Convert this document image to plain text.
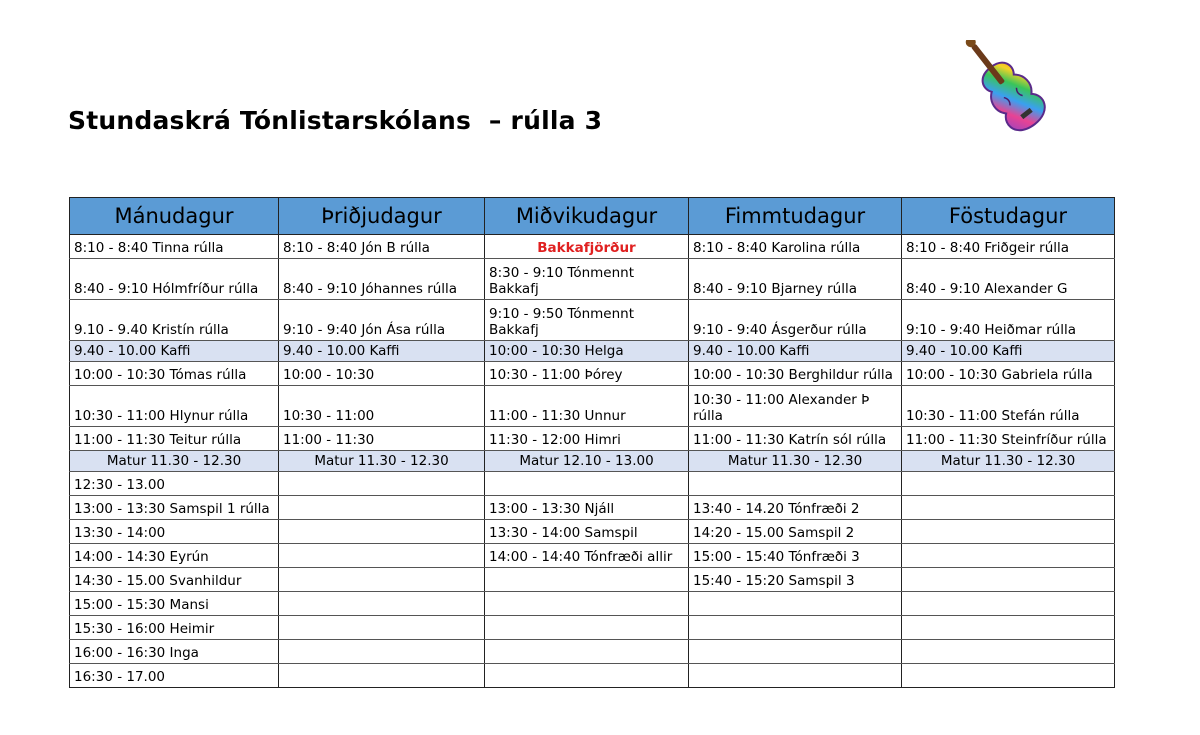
Stundaskrá Tónlistarskólans  – rúlla 3
Mánudagur	Þriðjudagur	Miðvikudagur	Fimmtudagur	Föstudagur
8:10 - 8:40 Tinna rúlla	8:10 - 8:40 Jón B rúlla	Bakkafjörður	8:10 - 8:40 Karolina rúlla	8:10 - 8:40 Friðgeir rúlla
8:40 - 9:10 Hólmfríður rúlla	8:40 - 9:10 Jóhannes rúlla	8:30 - 9:10 Tónmennt Bakkafj	8:40 - 9:10 Bjarney rúlla	8:40 - 9:10 Alexander G
9.10 - 9.40 Kristín rúlla	9:10 - 9:40 Jón Ása rúlla	9:10 - 9:50 Tónmennt Bakkafj	9:10 - 9:40 Ásgerður rúlla	9:10 - 9:40 Heiðmar rúlla
9.40 - 10.00 Kaffi	9.40 - 10.00 Kaffi	10:00 - 10:30 Helga	9.40 - 10.00 Kaffi	9.40 - 10.00 Kaffi
10:00 - 10:30 Tómas rúlla	10:00 - 10:30	10:30 - 11:00 Þórey	10:00 - 10:30 Berghildur rúlla	10:00 - 10:30 Gabriela rúlla
10:30 - 11:00 Hlynur rúlla	10:30 - 11:00	11:00 - 11:30 Unnur	10:30 - 11:00 Alexander Þ rúlla	10:30 - 11:00 Stefán rúlla
11:00 - 11:30 Teitur rúlla	11:00 - 11:30	11:30 - 12:00 Himri	11:00 - 11:30 Katrín sól rúlla	11:00 - 11:30 Steinfríður rúlla
Matur 11.30 - 12.30	Matur 11.30 - 12.30	Matur 12.10 - 13.00	Matur 11.30 - 12.30	Matur 11.30 - 12.30
12:30 - 13.00				
13:00 - 13:30 Samspil 1 rúlla		13:00 - 13:30 Njáll	13:40 - 14.20 Tónfræði 2	
13:30 - 14:00		13:30 - 14:00 Samspil	14:20 - 15.00 Samspil 2	
14:00 - 14:30 Eyrún		14:00 - 14:40 Tónfræði allir	15:00 - 15:40 Tónfræði 3	
14:30 - 15.00 Svanhildur			15:40 - 15:20 Samspil 3	
15:00 - 15:30 Mansi				
15:30 - 16:00 Heimir				
16:00 - 16:30 Inga				
16:30 - 17.00				
